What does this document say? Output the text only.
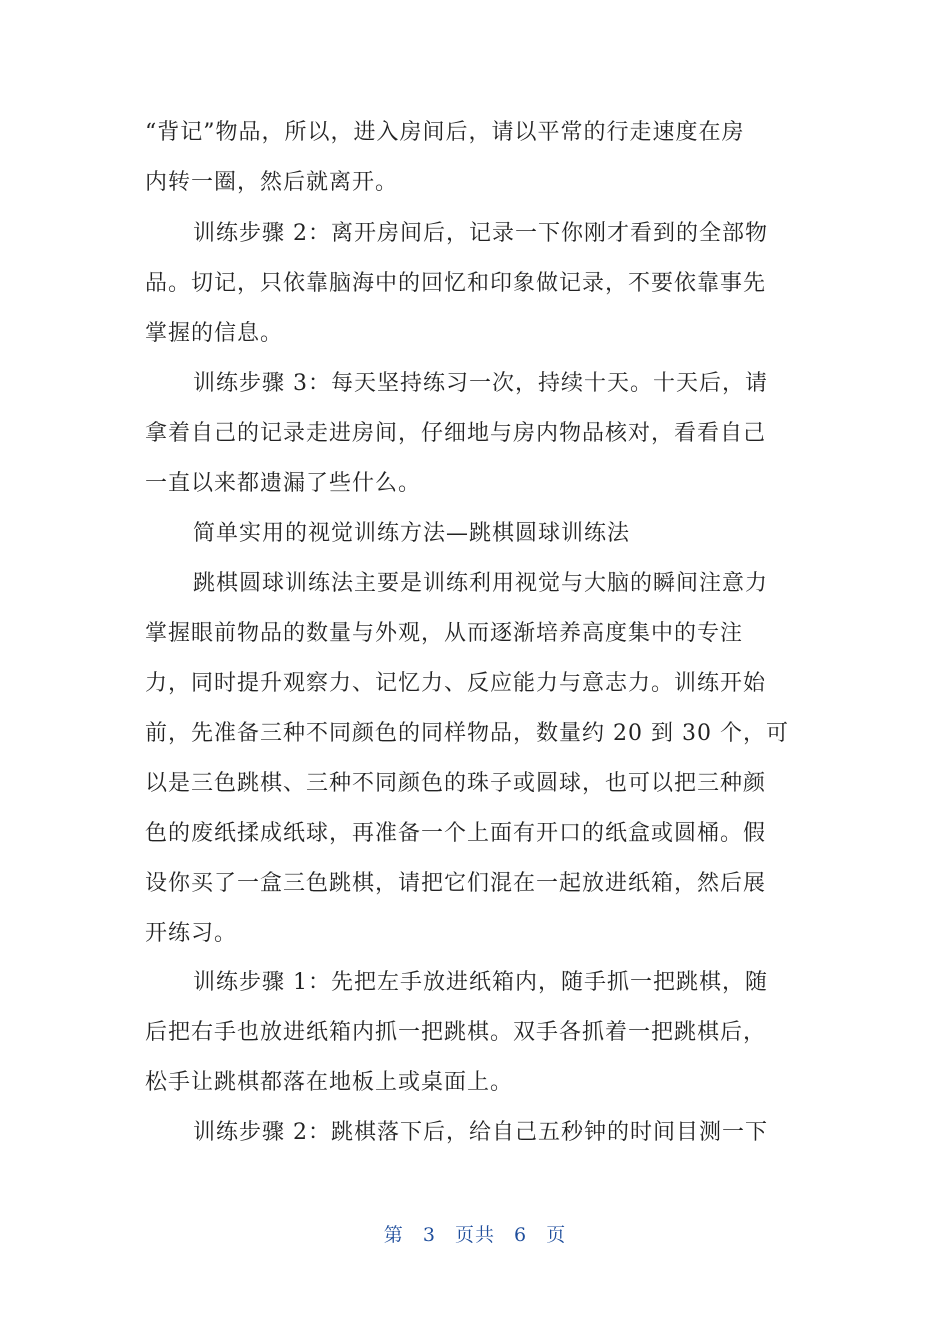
“背记”物品，所以，进入房间后，请以平常的行走速度在房
内转一圈，然后就离开。
训练步骤 2：离开房间后，记录一下你刚才看到的全部物
品。切记，只依靠脑海中的回忆和印象做记录，不要依靠事先
掌握的信息。
训练步骤 3：每天坚持练习一次，持续十天。十天后，请
拿着自己的记录走进房间，仔细地与房内物品核对，看看自己
一直以来都遗漏了些什么。
简单实用的视觉训练方法—跳棋圆球训练法
跳棋圆球训练法主要是训练利用视觉与大脑的瞬间注意力
掌握眼前物品的数量与外观，从而逐渐培养高度集中的专注
力，同时提升观察力、记忆力、反应能力与意志力。训练开始
前，先准备三种不同颜色的同样物品，数量约 20 到 30 个，可
以是三色跳棋、三种不同颜色的珠子或圆球，也可以把三种颜
色的废纸揉成纸球，再准备一个上面有开口的纸盒或圆桶。假
设你买了一盒三色跳棋，请把它们混在一起放进纸箱，然后展
开练习。
训练步骤 1：先把左手放进纸箱内，随手抓一把跳棋，随
后把右手也放进纸箱内抓一把跳棋。双手各抓着一把跳棋后，
松手让跳棋都落在地板上或桌面上。
训练步骤 2：跳棋落下后，给自己五秒钟的时间目测一下
第 3 页共 6 页
